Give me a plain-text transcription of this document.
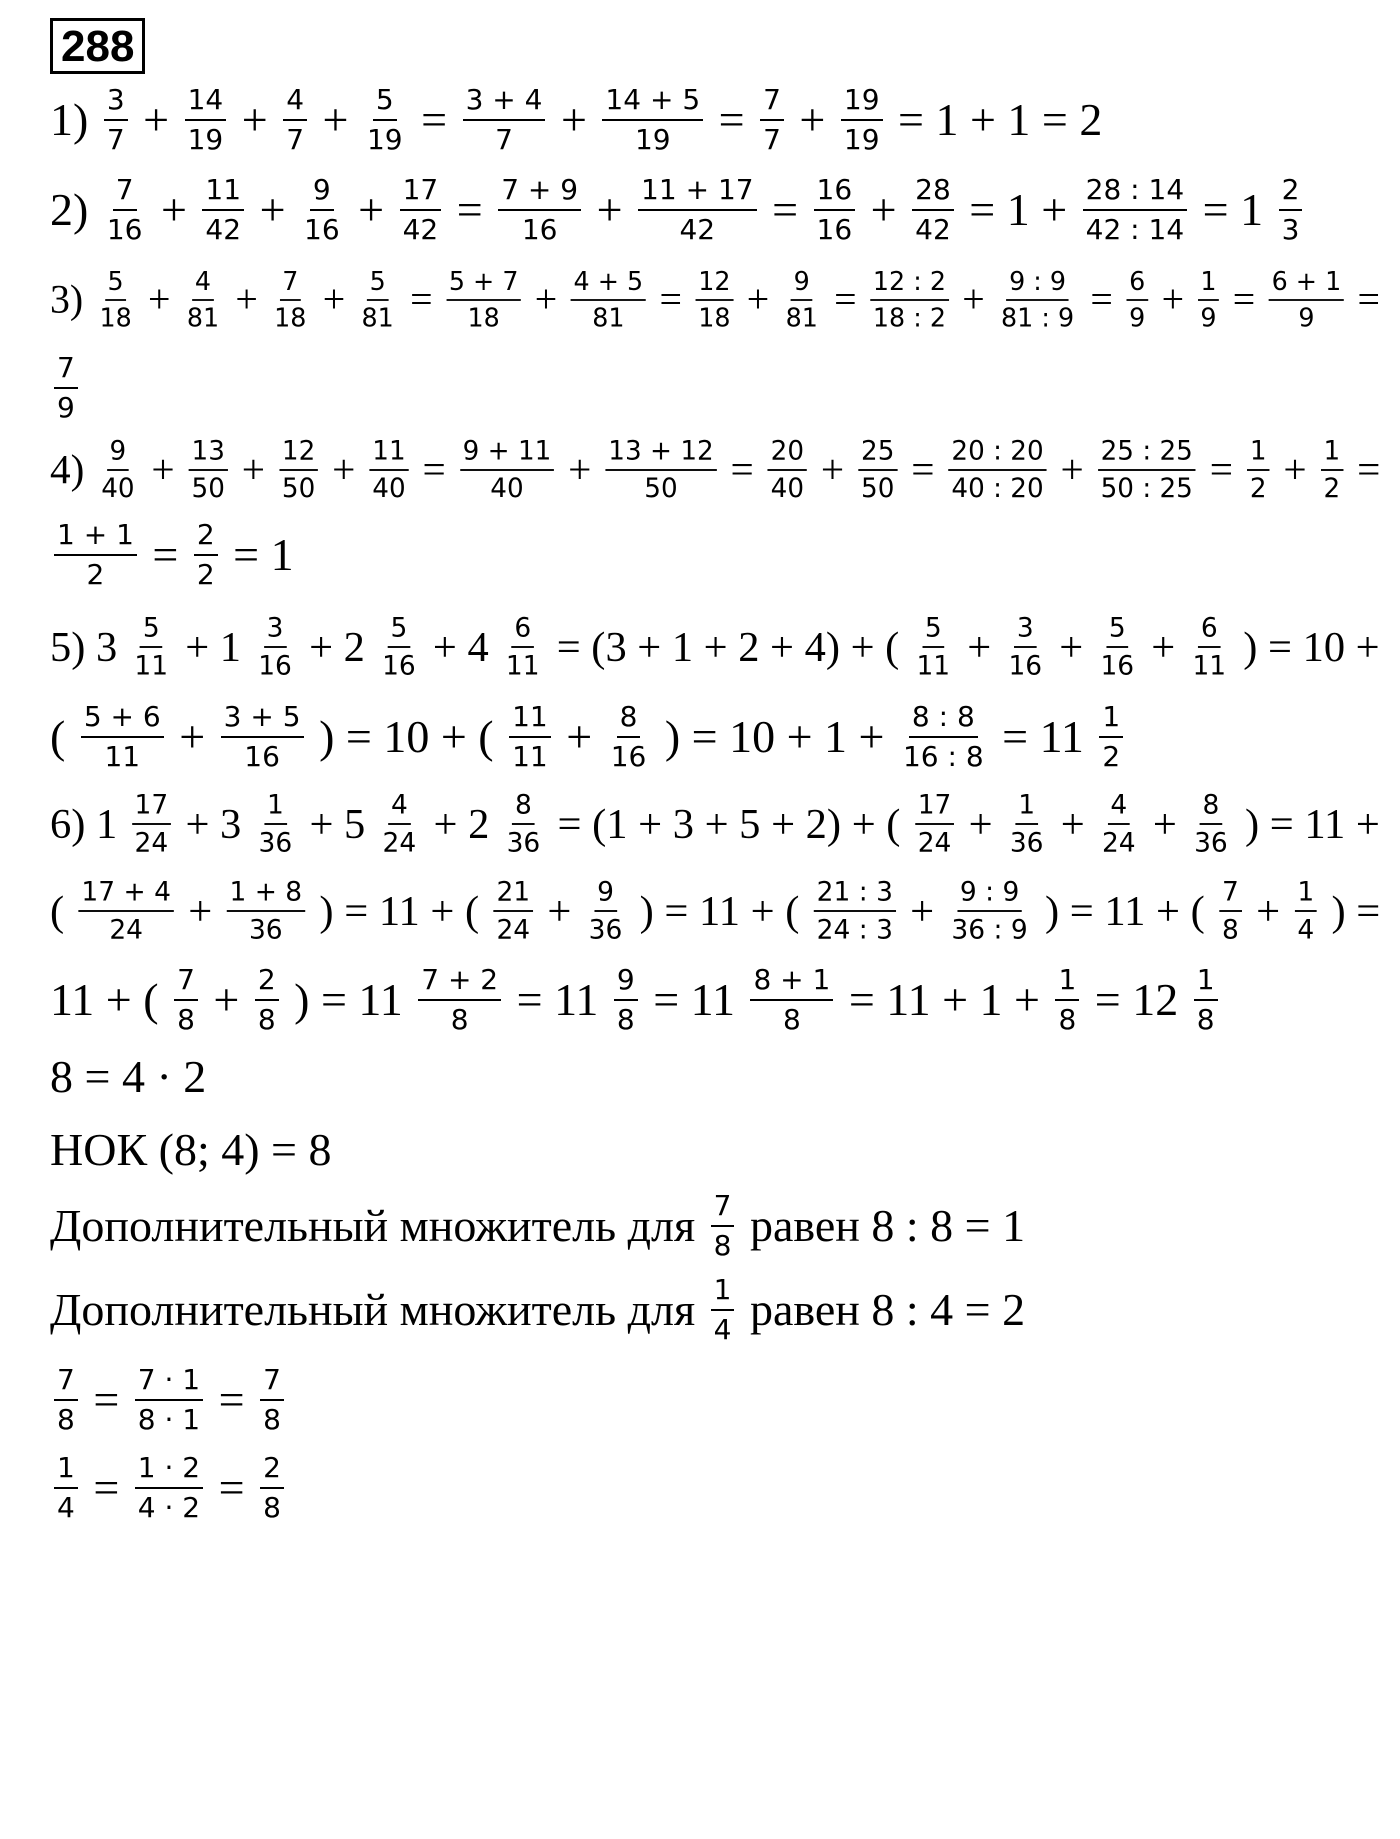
288
$1) \frac{3}{7} + \frac{14}{19} + \frac{4}{7} + \frac{5}{19} = \frac{3 + 4}{7} + \frac{14 + 5}{19} = \frac{7}{7} + \frac{19}{19} = 1 + 1 = 2$
$2) \frac{7}{16} + \frac{11}{42} + \frac{9}{16} + \frac{17}{42} = \frac{7 + 9}{16} + \frac{11 + 17}{42} = \frac{16}{16} + \frac{28}{42} = 1 + \frac{28 : 14}{42 : 14} = 1 \frac{2}{3}$
$3) \frac{5}{18} + \frac{4}{81} + \frac{7}{18} + \frac{5}{81} = \frac{5 + 7}{18} + \frac{4 + 5}{81} = \frac{12}{18} + \frac{9}{81} = \frac{12 : 2}{18 : 2} + \frac{9 : 9}{81 : 9} = \frac{6}{9} + \frac{1}{9} = \frac{6 + 1}{9}$ =
$\frac{7}{9}$
$4) \frac{9}{40} + \frac{13}{50} + \frac{12}{50} + \frac{11}{40} = \frac{9 + 11}{40} + \frac{13 + 12}{50} = \frac{20}{40} + \frac{25}{50} = \frac{20 : 20}{40 : 20} + \frac{25 : 25}{50 : 25} = \frac{1}{2} + \frac{1}{2}$ =
$\frac{1 + 1}{2} = \frac{2}{2} = 1$
5) $3 \frac{5}{11} + 1 \frac{3}{16} + 2 \frac{5}{16} + 4 \frac{6}{11} = (3 + 1 + 2 + 4)$ + ( $\frac{5}{11} + \frac{3}{16} + \frac{5}{16} + \frac{6}{11}$ ) = 10 +
( $\frac{5 + 6}{11} + \frac{3 + 5}{16}$ ) = 10 + ( $\frac{11}{11} + \frac{8}{16}$ ) = $10 + 1 + \frac{8 : 8}{16 : 8} = 11 \frac{1}{2}$
6) $1 \frac{17}{24} + 3 \frac{1}{36} + 5 \frac{4}{24} + 2 \frac{8}{36} = (1 + 3 + 5 + 2)$ + ( $\frac{17}{24} + \frac{1}{36} + \frac{4}{24} + \frac{8}{36}$ ) = 11 +
( $\frac{17 + 4}{24} + \frac{1 + 8}{36}$ ) = 11 + ( $\frac{21}{24} + \frac{9}{36}$ ) = 11 + ( $\frac{21 : 3}{24 : 3} + \frac{9 : 9}{36 : 9}$ ) = 11 + ( $\frac{7}{8} + \frac{1}{4}$ ) =
11 + ( $\frac{7}{8} + \frac{2}{8}$ ) = $11 \frac{7 + 2}{8} = 11 \frac{9}{8} = 11 \frac{8 + 1}{8} = 11 + 1 + \frac{1}{8} = 12 \frac{1}{8}$
8 = 4 · 2
НОК (8; 4) = 8
Дополнительный множитель для $\frac{7}{8}$ равен 8 : 8 = 1
Дополнительный множитель для $\frac{1}{4}$ равен 8 : 4 = 2
$\frac{7}{8} = \frac{7 \cdot 1}{8 \cdot 1} = \frac{7}{8}$
$\frac{1}{4} = \frac{1 \cdot 2}{4 \cdot 2} = \frac{2}{8}$
